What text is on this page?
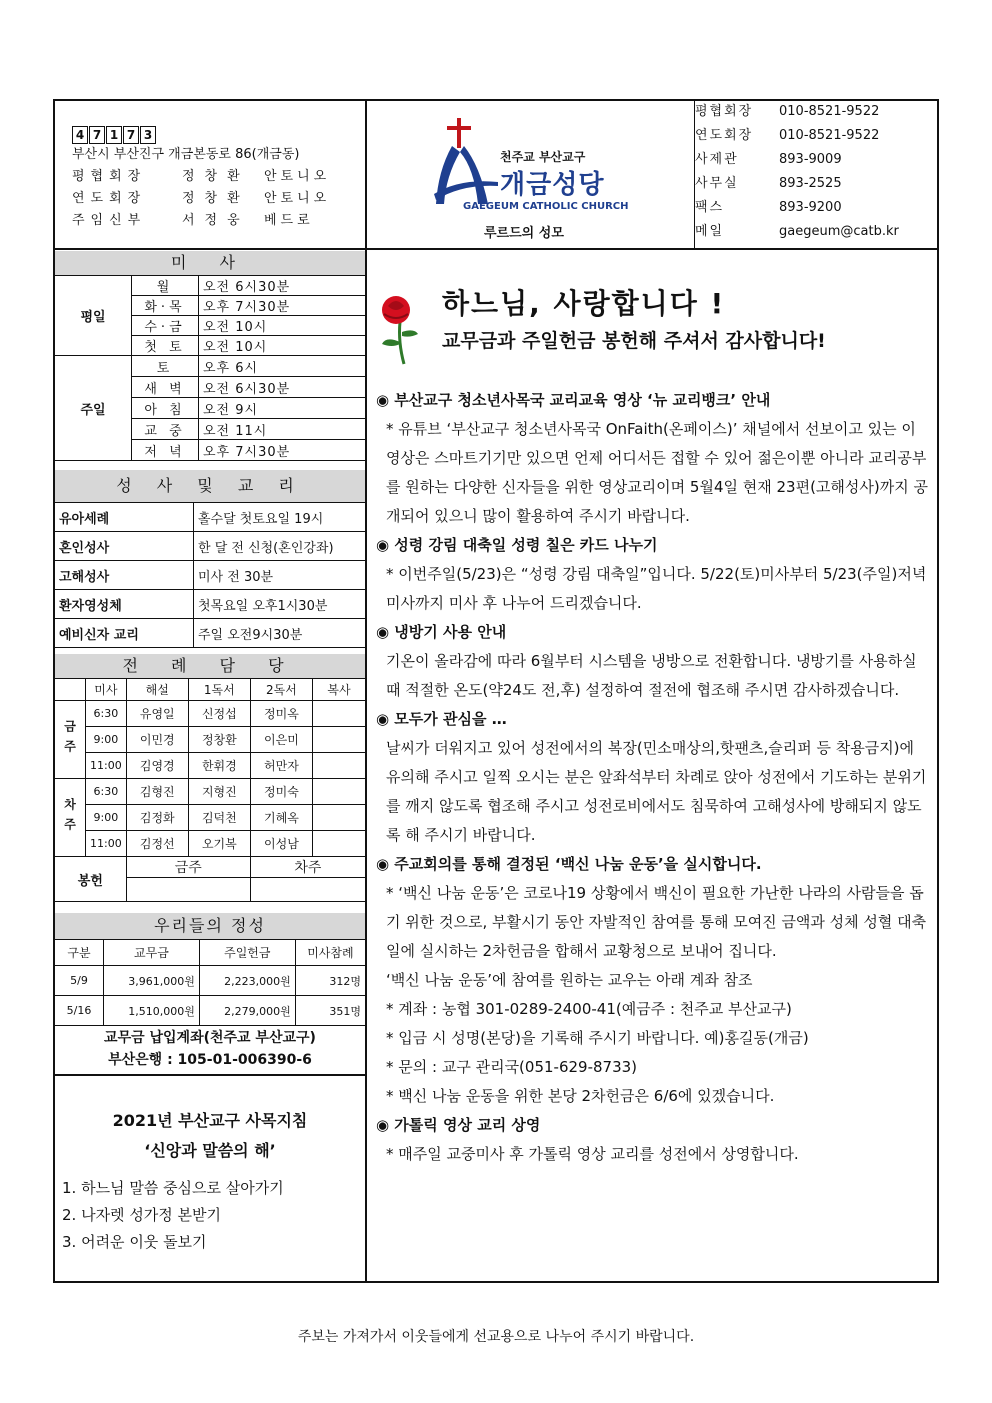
4 7 1 7 3
부산시 부산진구 개금본동로 86(개금동)
평협회장	정창환 안토니오
연도회장	정창환 안토니오
주임신부	서정웅 베드로
천주교 부산교구
개금성당
GAEGEUM CATHOLIC CHURCH
루르드의 성모
평협회장	010-8521-9522
연도회장	010-8521-9522
사제관	893-9009
사무실	893-2525
팩스	893-9200
메일	gaegeum@catb.kr
미 사
평일	월	오전 6시30분
	화·목	오후 7시30분
	수·금	오전 10시
	첫 토	오전 10시
주일	토	오후 6시
	새 벽	오전 6시30분
	아 침	오전 9시
	교 중	오전 11시
	저 녁	오후 7시30분
성 사 및 교 리
유아세례	홀수달 첫토요일 19시
혼인성사	한 달 전 신청(혼인강좌)
고해성사	미사 전 30분
환자영성체	첫목요일 오후1시30분
예비신자 교리	주일 오전9시30분
전 례 담 당
	미사	해설	1독서	2독서	복사
금주	6:30	유영일	신정섭	정미옥	
	9:00	이민경	정창환	이은미	
	11:00	김영경	한휘경	허만자	
차주	6:30	김형진	지형진	정미숙	
	9:00	김정화	김덕천	기혜옥	
	11:00	김정선	오기복	이성남	
봉헌		금주		차주	

우리들의 정성
구분	교무금	주일헌금	미사참례
5/9	3,961,000원	2,223,000원	312명
5/16	1,510,000원	2,279,000원	351명
교무금 납입계좌(천주교 부산교구)
부산은행 : 105-01-006390-6
2021년 부산교구 사목지침
‘신앙과 말씀의 해’
1. 하느님 말씀 중심으로 살아가기
2. 나자렛 성가정 본받기
3. 어려운 이웃 돌보기
하느님, 사랑합니다 !
교무금과 주일헌금 봉헌해 주셔서 감사합니다!
◉ 부산교구 청소년사목국 교리교육 영상 ‘뉴 교리뱅크’ 안내
* 유튜브 ‘부산교구 청소년사목국 OnFaith(온페이스)’ 채널에서 선보이고 있는 이 영상은 스마트기기만 있으면 언제 어디서든 접할 수 있어 젊은이뿐 아니라 교리공부를 원하는 다양한 신자들을 위한 영상교리이며 5월4일 현재 23편(고해성사)까지 공개되어 있으니 많이 활용하여 주시기 바랍니다.
◉ 성령 강림 대축일 성령 칠은 카드 나누기
* 이번주일(5/23)은 “성령 강림 대축일”입니다. 5/22(토)미사부터 5/23(주일)저녁미사까지 미사 후 나누어 드리겠습니다.
◉ 냉방기 사용 안내
기온이 올라감에 따라 6월부터 시스템을 냉방으로 전환합니다. 냉방기를 사용하실 때 적절한 온도(약24도 전,후) 설정하여 절전에 협조해 주시면 감사하겠습니다.
◉ 모두가 관심을 …
날씨가 더워지고 있어 성전에서의 복장(민소매상의,핫팬츠,슬리퍼 등 착용금지)에 유의해 주시고 일찍 오시는 분은 앞좌석부터 차례로 앉아 성전에서 기도하는 분위기를 깨지 않도록 협조해 주시고 성전로비에서도 침묵하여 고해성사에 방해되지 않도록 해 주시기 바랍니다.
◉ 주교회의를 통해 결정된 ‘백신 나눔 운동’을 실시합니다.
* ‘백신 나눔 운동’은 코로나19 상황에서 백신이 필요한 가난한 나라의 사람들을 돕기 위한 것으로, 부활시기 동안 자발적인 참여를 통해 모여진 금액과 성체 성혈 대축일에 실시하는 2차헌금을 합해서 교황청으로 보내어 집니다.
‘백신 나눔 운동’에 참여를 원하는 교우는 아래 계좌 참조
* 계좌 : 농협 301-0289-2400-41(예금주 : 천주교 부산교구)
* 입금 시 성명(본당)을 기록해 주시기 바랍니다. 예)홍길동(개금)
* 문의 : 교구 관리국(051-629-8733)
* 백신 나눔 운동을 위한 본당 2차헌금은 6/6에 있겠습니다.
◉ 가톨릭 영상 교리 상영
* 매주일 교중미사 후 가톨릭 영상 교리를 성전에서 상영합니다.
주보는 가져가서 이웃들에게 선교용으로 나누어 주시기 바랍니다.
